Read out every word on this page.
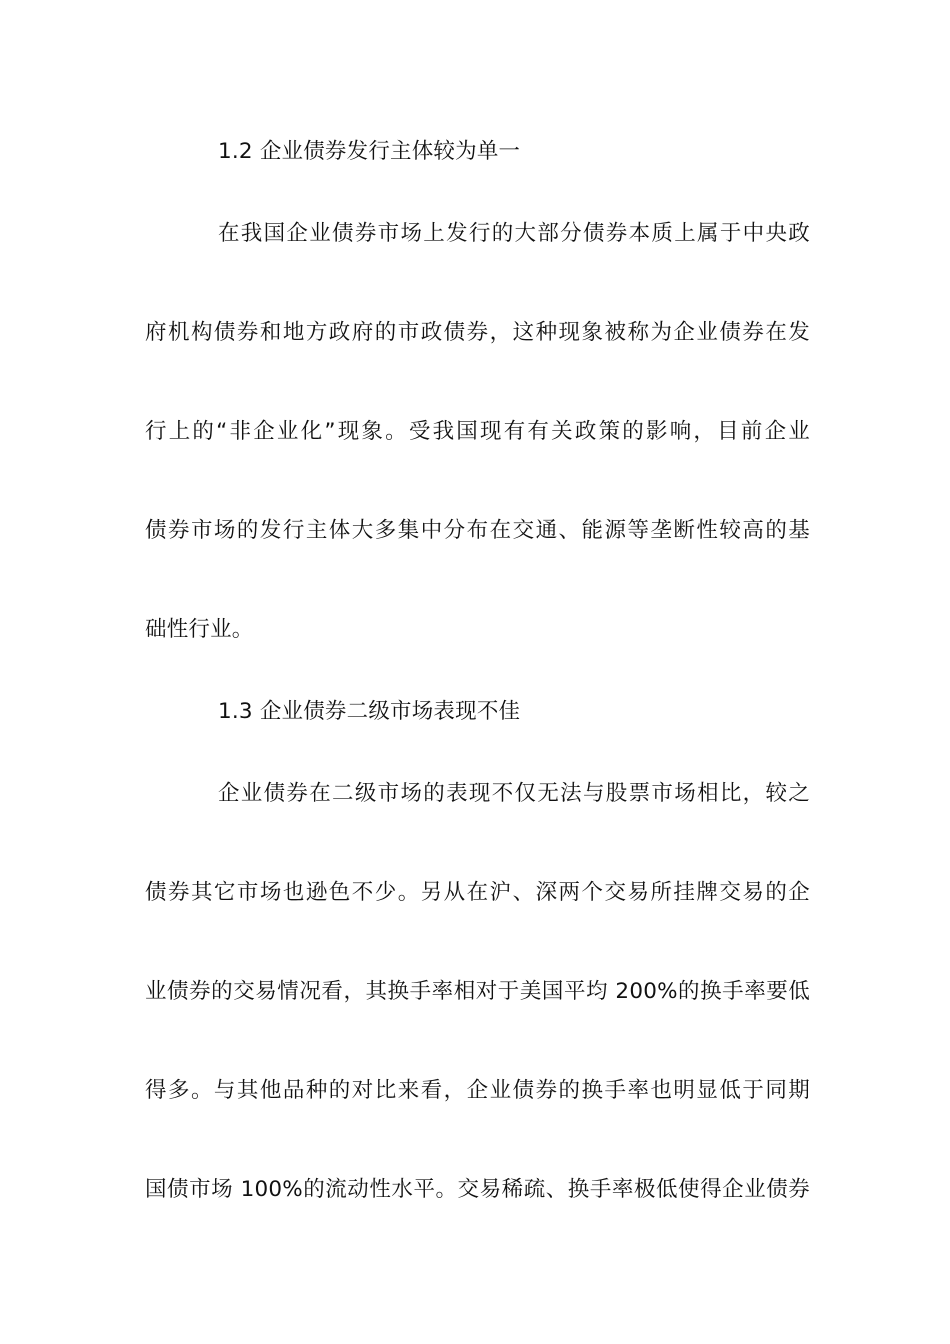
1.2 企业债券发行主体较为单一
在我国企业债券市场上发行的大部分债券本质上属于中央政
府机构债券和地方政府的市政债券，这种现象被称为企业债券在发
行上的“非企业化”现象。受我国现有有关政策的影响，目前企业
债券市场的发行主体大多集中分布在交通、能源等垄断性较高的基
础性行业。
1.3 企业债券二级市场表现不佳
企业债券在二级市场的表现不仅无法与股票市场相比，较之
债券其它市场也逊色不少。另从在沪、深两个交易所挂牌交易的企
业债券的交易情况看，其换手率相对于美国平均 200%的换手率要低
得多。与其他品种的对比来看，企业债券的换手率也明显低于同期
国债市场 100%的流动性水平。交易稀疏、换手率极低使得企业债券
